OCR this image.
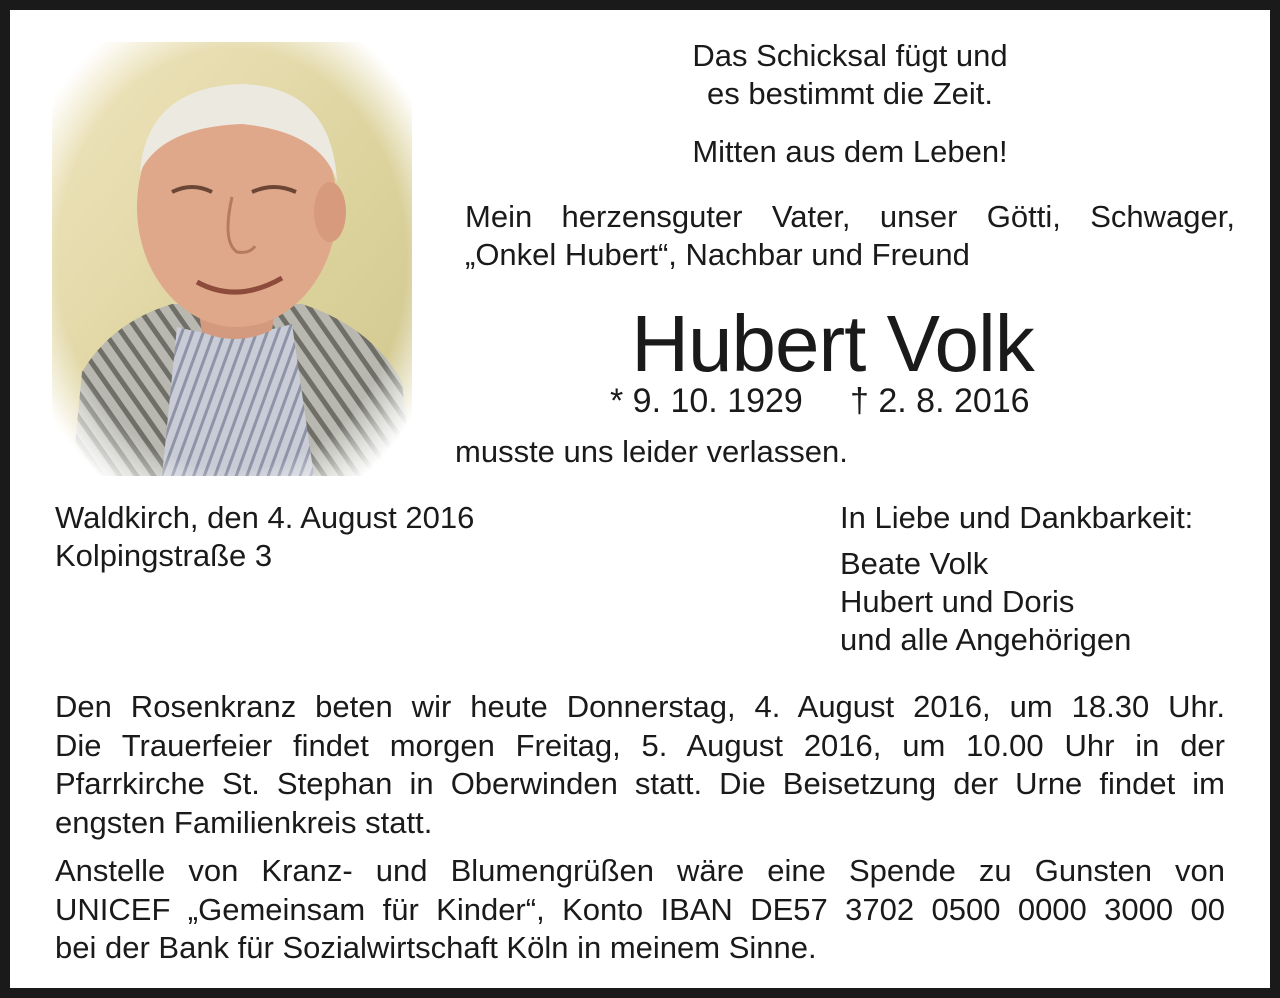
Das Schicksal fügt und
es bestimmt die Zeit.
Mitten aus dem Leben!
Mein herzensguter Vater, unser Götti, Schwager,
„Onkel Hubert“, Nachbar und Freund
Hubert Volk
* 9. 10. 1929 † 2. 8. 2016
musste uns leider verlassen.
Waldkirch, den 4. August 2016
Kolpingstraße 3
In Liebe und Dankbarkeit:
Beate Volk
Hubert und Doris
und alle Angehörigen
Den Rosenkranz beten wir heute Donnerstag, 4. August 2016, um 18.30 Uhr.
Die Trauerfeier findet morgen Freitag, 5. August 2016, um 10.00 Uhr in der
Pfarrkirche St. Stephan in Oberwinden statt. Die Beisetzung der Urne findet im
engsten Familienkreis statt.
Anstelle von Kranz- und Blumengrüßen wäre eine Spende zu Gunsten von
UNICEF „Gemeinsam für Kinder“, Konto IBAN DE57 3702 0500 0000 3000 00
bei der Bank für Sozialwirtschaft Köln in meinem Sinne.
